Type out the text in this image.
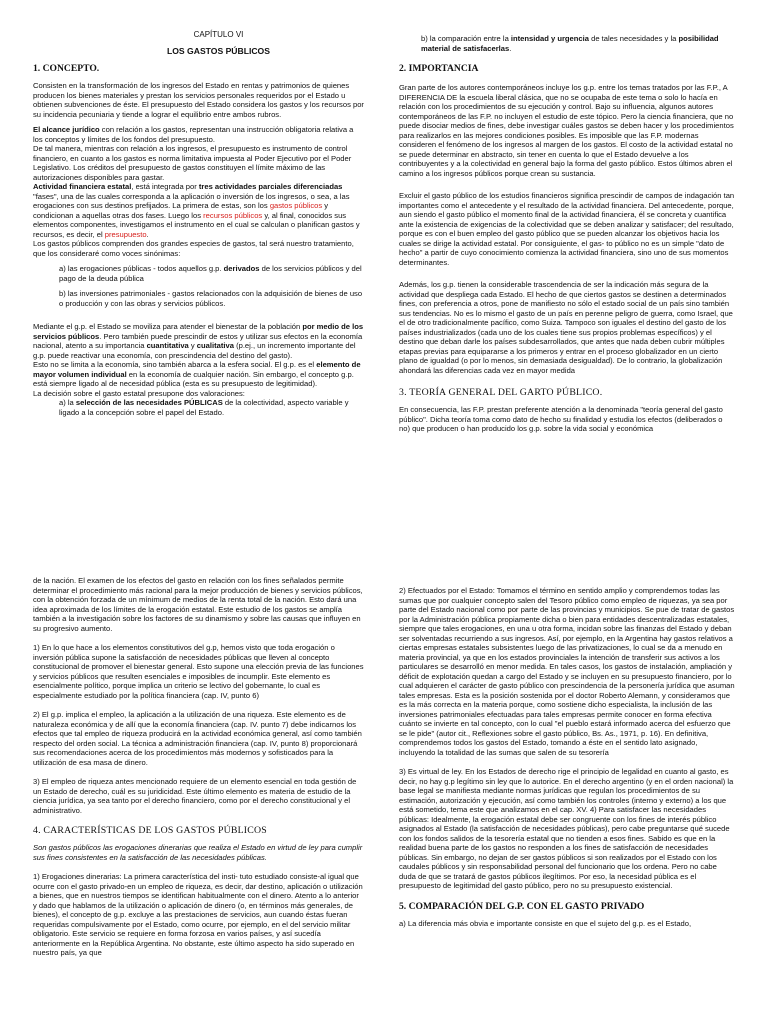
CAPÍTULO VI

LOS GASTOS PÚBLICOS

1. CONCEPTO.

Consisten en la transformación de los ingresos del Estado en rentas y patrimonios de quienes producen los bienes materiales y prestan los servicios personales requeridos por el Estado u obtienen subvenciones de éste. El presupuesto del Estado considera los gastos y los recursos por su incidencia pecuniaria y tiende a lograr el equilibrio entre ambos rubros.

El alcance jurídico con relación a los gastos, representan una instrucción obligatoria relativa a los conceptos y límites de los fondos del presupuesto.

De tal manera, mientras con relación a los ingresos, el presupuesto es instrumento de control financiero, en cuanto a los gastos es norma limitativa impuesta al Poder Ejecutivo por el Poder Legislativo. Los créditos del presupuesto de gastos constituyen el límite máximo de las autorizaciones disponibles para gastar.

Actividad financiera estatal, está integrada por tres actividades parciales diferenciadas "fases", una de las cuales corresponda a la aplicación o inversión de los ingresos, o sea, a las erogaciones con sus destinos prefijados. La primera de estas, son los gastos públicos y condicionan a aquellas otras dos fases. Luego los recursos públicos y, al final, conocidos sus elementos componentes, investigamos el instrumento en el cual se calculan o planifican gastos y recursos, es decir, el presupuesto.

Los gastos públicos comprenden dos grandes especies de gastos, tal será nuestro tratamiento, que los consideraré como voces sinónimas:

a) las erogaciones públicas - todos aquellos g.p. derivados de los servicios públicos y del pago de la deuda pública

b) las inversiones patrimoniales - gastos relacionados con la adquisición de bienes de uso o producción y con las obras y servicios públicos.

Mediante el g.p. el Estado se moviliza para atender el bienestar de la población por medio de los servicios públicos. Pero también puede prescindir de estos y utilizar sus efectos en la economía nacional, atento a su importancia cuantitativa y cualitativa (p.ej., un incremento importante del g.p. puede reactivar una economía, con prescindencia del destino del gasto).

Esto no se limita a la economía, sino también abarca a la esfera social. El g.p. es el elemento de mayor volumen individual en la economía de cualquier nación. Sin embargo, el concepto g.p. está siempre ligado al de necesidad pública (esta es su presupuesto de legitimidad).

La decisión sobre el gasto estatal presupone dos valoraciones:

a) la selección de las necesidades PÚBLICAS de la colectividad, aspecto variable y ligado a la concepción sobre el papel del Estado.

b) la comparación entre la intensidad y urgencia de tales necesidades y la posibilidad material de satisfacerlas.

2. IMPORTANCIA

Gran parte de los autores contemporáneos incluye los g.p. entre los temas tratados por las F.P., A DIFERENCIA DE la escuela liberal clásica, que no se ocupaba de este tema o solo lo hacía en relación con los procedimientos de su ejecución y control. Bajo su influencia, algunos autores contemporáneos de las F.P. no incluyen el estudio de este tópico. Pero la ciencia financiera, que no puede disociar medios de fines, debe investigar cuáles gastos se deben hacer y los procedimientos para realizarlos en las mejores condiciones posibles. Es imposible que las F.P. modernas consideren el fenómeno de los ingresos al margen de los gastos. El costo de la actividad estatal no se puede determinar en abstracto, sin tener en cuenta lo que el Estado devuelve a los contribuyentes y a la colectividad en general bajo la forma del gasto público. Estos últimos abren el camino a los ingresos públicos porque crean su sustancia.

Excluir el gasto público de los estudios financieros significa prescindir de campos de indagación tan importantes como el antecedente y el resultado de la actividad financiera. Del antecedente, porque, aun siendo el gasto público el momento final de la actividad financiera, él se concreta y cuantifica ante la existencia de exigencias de la colectividad que se deben analizar y satisfacer; del resultado, porque es con el buen empleo del gasto público que se pueden alcanzar los objetivos hacia los cuales se dirige la actividad estatal. Por consiguiente, el gas- to público no es un simple "dato de hecho" a partir de cuyo conocimiento comienza la actividad financiera, sino uno de sus momentos determinantes.

Además, los g.p. tienen la considerable trascendencia de ser la indicación más segura de la actividad que despliega cada Estado. El hecho de que ciertos gastos se destinen a determinados fines, con preferencia a otros, pone de manifiesto no sólo el estado social de un país sino también sus tendencias. No es lo mismo el gasto de un país en perenne peligro de guerra, como Israel, que el de otro tradicionalmente pacífico, como Suiza. Tampoco son iguales el destino del gasto de los países industrializados (cada uno de los cuales tiene sus propios problemas específicos) y el destino que deban darle los países subdesarrollados, que antes que nada deben cubrir múltiples etapas previas para equipararse a los primeros y entrar en el proceso globalizador en un cierto plano de igualdad (o por lo menos, sin demasiada desigualdad). De lo contrario, la globalización ahondará las diferencias cada vez en mayor medida

3. TEORÍA GENERAL DEL GARTO PÚBLICO.

En consecuencia, las F.P. prestan preferente atención a la denominada "teoría general del gasto público". Dicha teoría toma como dato de hecho su finalidad y estudia los efectos (deliberados o no) que producen o han producido los g.p. sobre la vida social y económica

de la nación. El examen de los efectos del gasto en relación con los fines señalados permite determinar el procedimiento más racional para la mejor producción de bienes y servicios públicos, con la obtención forzada de un mínimum de medios de la renta total de la nación. Esto dará una idea aproximada de los límites de la erogación estatal. Este estudio de los gastos se amplía también a la investigación sobre los factores de su dinamismo y sobre las causas que influyen en su progresivo aumento.

1) En lo que hace a los elementos constitutivos del g.p, hemos visto que toda erogación o inversión pública supone la satisfacción de necesidades públicas que lleven al concepto constitucional de promover el bienestar general. Esto supone una elección previa de las funciones y servicios públicos que resulten esenciales e imposibles de incumplir. Este elemento es esencialmente político, porque implica un criterio se lectivo del gobernante, lo cual es especialmente estudiado por la política financiera (cap. IV, punto 6)

2) El g.p. implica el empleo, la aplicación a la utilización de una riqueza. Este elemento es de naturaleza económica y de allí que la economía financiera (cap. IV. punto 7) debe indicarnos los efectos que tal empleo de riqueza producirá en la actividad económica general, así como también respecto del orden social. La técnica a administración financiera (cap. IV, punto 8) proporcionará sus recomendaciones acerca de los procedimientos más modernos y sofisticados para la utilización de esa masa de dinero.

3) El empleo de riqueza antes mencionado requiere de un elemento esencial en toda gestión de un Estado de derecho, cuál es su juridicidad. Este último elemento es materia de estudio de la ciencia jurídica, ya sea tanto por el derecho financiero, como por el derecho constitucional y el administrativo.

4. CARACTERÍSTICAS DE LOS GASTOS PÚBLICOS

Son gastos públicos las erogaciones dinerarias que realiza el Estado en virtud de ley para cumplir sus fines consistentes en la satisfacción de las necesidades públicas.

1) Erogaciones dinerarias: La primera característica del insti- tuto estudiado consiste-al igual que ocurre con el gasto privado-en un empleo de riqueza, es decir, dar destino, aplicación o utilización a bienes, que en nuestros tiempos se identifican habitualmente con el dinero. Atento a lo anterior y dado que hablamos de la utilización o aplicación de dinero (o, en términos más generales, de bienes), el concepto de g.p. excluye a las prestaciones de servicios, aun cuando éstas fueran requeridas compulsivamente por el Estado, como ocurre, por ejemplo, en el del servicio militar obligatorio. Este servicio se requiere en forma forzosa en varios países, y así sucedía anteriormente en la República Argentina. No obstante, este último aspecto ha sido superado en nuestro país, ya que

2) Efectuados por el Estado: Tomamos el término en sentido amplio y comprendemos todas las sumas que por cualquier concepto salen del Tesoro público como empleo de riquezas, ya sea por parte del Estado nacional como por parte de las provincias y municipios. Se pue de tratar de gastos por la Administración pública propiamente dicha o bien para entidades descentralizadas estatales, siempre que tales erogaciones, en una u otra forma, incidan sobre las finanzas del Estado y deban ser solventadas recurriendo a sus ingresos. Así, por ejemplo, en la Argentina hay gastos relativos a ciertas empresas estatales subsistentes luego de las privatizaciones, lo cual se da a menudo en materia provincial, ya que en los estados provinciales la intención de transferir sus activos a los particulares se desarrolló en menor medida. En tales casos, los gastos de instalación, ampliación y déficit de explotación quedan a cargo del Estado y se incluyen en su presupuesto financiero, por lo cual adquieren el carácter de gasto público con prescindencia de la personería jurídica que asuman tales empresas. Esta es la posición sostenida por el doctor Roberto Alemann, y consideramos que es la más correcta en la materia porque, como sostiene dicho especialista, la inclusión de las inversiones patrimoniales efectuadas para tales empresas permite conocer en forma efectiva cuánto se invierte en tal concepto, con lo cual "el pueblo estará informado acerca del esfuerzo que se le pide" (autor cit., Reflexiones sobre el gasto público, Bs. As., 1971, p. 16). En definitiva, comprendemos todos los gastos del Estado, tomando a éste en el sentido lato asignado, incluyendo la totalidad de las sumas que salen de su tesorería

3) Es virtual de ley. En los Estados de derecho rige el principio de legalidad en cuanto al gasto, es decir, no hay g.p legítimo sin ley que lo autorice. En el derecho argentino (y en el orden nacional) la base legal se manifiesta mediante normas jurídicas que regulan los procedimientos de su estimación, autorización y ejecución, así como también los controles (interno y externo) a los que está sometido, tema este que analizamos en el cap. XV. 4) Para satisfacer las necesidades públicas: Idealmente, la erogación estatal debe ser congruente con los fines de interés público asignados al Estado (la satisfacción de necesidades públicas), pero cabe preguntarse qué sucede con los fondos salidos de la tesorería estatal que no tienden a esos fines. Sabido es que en la realidad buena parte de los gastos no responden a los fines de satisfacción de necesidades públicas. Sin embargo, no dejan de ser gastos públicos si son realizados por el Estado con los caudales públicos y sin responsabilidad personal del funcionario que los ordena. Pero no cabe duda de que se tratará de gastos públicos ilegítimos. Por eso, la necesidad pública es el presupuesto de legitimidad del gasto público, pero no su presupuesto existencial.

5. COMPARACIÓN DEL G.P. CON EL GASTO PRIVADO

a) La diferencia más obvia e importante consiste en que el sujeto del g.p. es el Estado,
